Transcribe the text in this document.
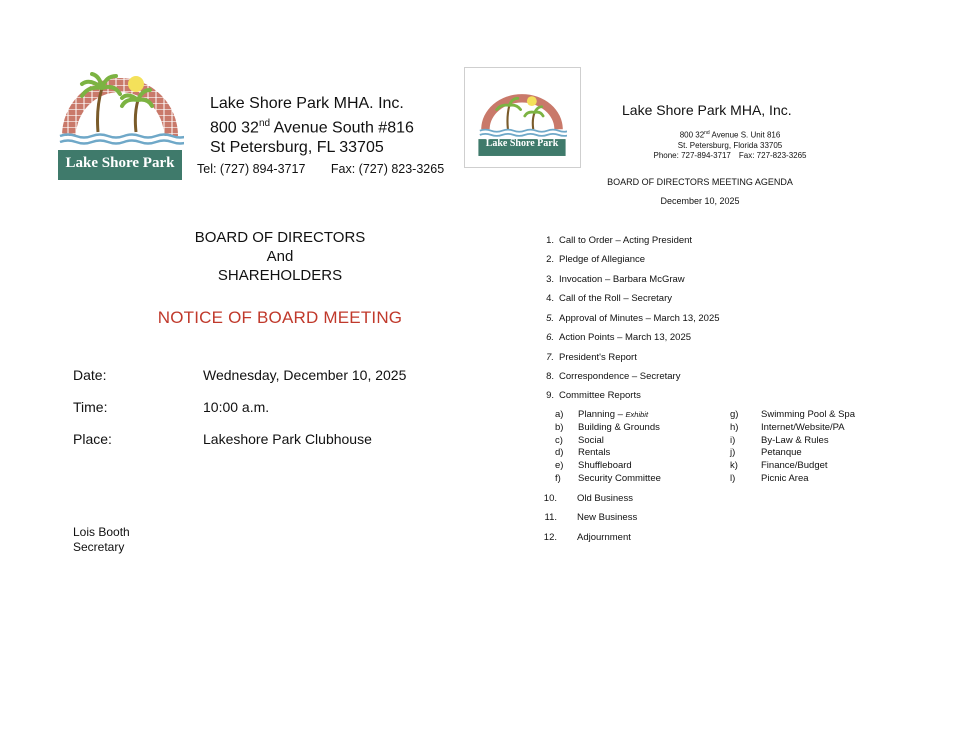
Lake Shore Park
Lake Shore Park MHA. Inc.
800 32nd Avenue South #816
St Petersburg, FL 33705
Tel: (727) 894-3717 Fax: (727) 823-3265
BOARD OF DIRECTORS
And
SHAREHOLDERS
NOTICE OF BOARD MEETING
Date:	Wednesday, December 10, 2025
Time:	10:00 a.m.
Place:	Lakeshore Park Clubhouse
Lois Booth
Secretary
Lake Shore Park
Lake Shore Park MHA, Inc.
800 32nd Avenue S. Unit 816
St. Petersburg, Florida 33705
Phone: 727-894-3717 Fax: 727-823-3265
BOARD OF DIRECTORS MEETING AGENDA
December 10, 2025
1. Call to Order – Acting President
2. Pledge of Allegiance
3. Invocation – Barbara McGraw
4. Call of the Roll – Secretary
5. Approval of Minutes – March 13, 2025
6. Action Points – March 13, 2025
7. President's Report
8. Correspondence – Secretary
9. Committee Reports
a) Planning – Exhibit
b) Building & Grounds
c) Social
d) Rentals
e) Shuffleboard
f) Security Committee
g) Swimming Pool & Spa
h) Internet/Website/PA
i)	By-Law & Rules
j)	Petanque
k) Finance/Budget
l)	Picnic Area
10. Old Business
11. New Business
12. Adjournment
